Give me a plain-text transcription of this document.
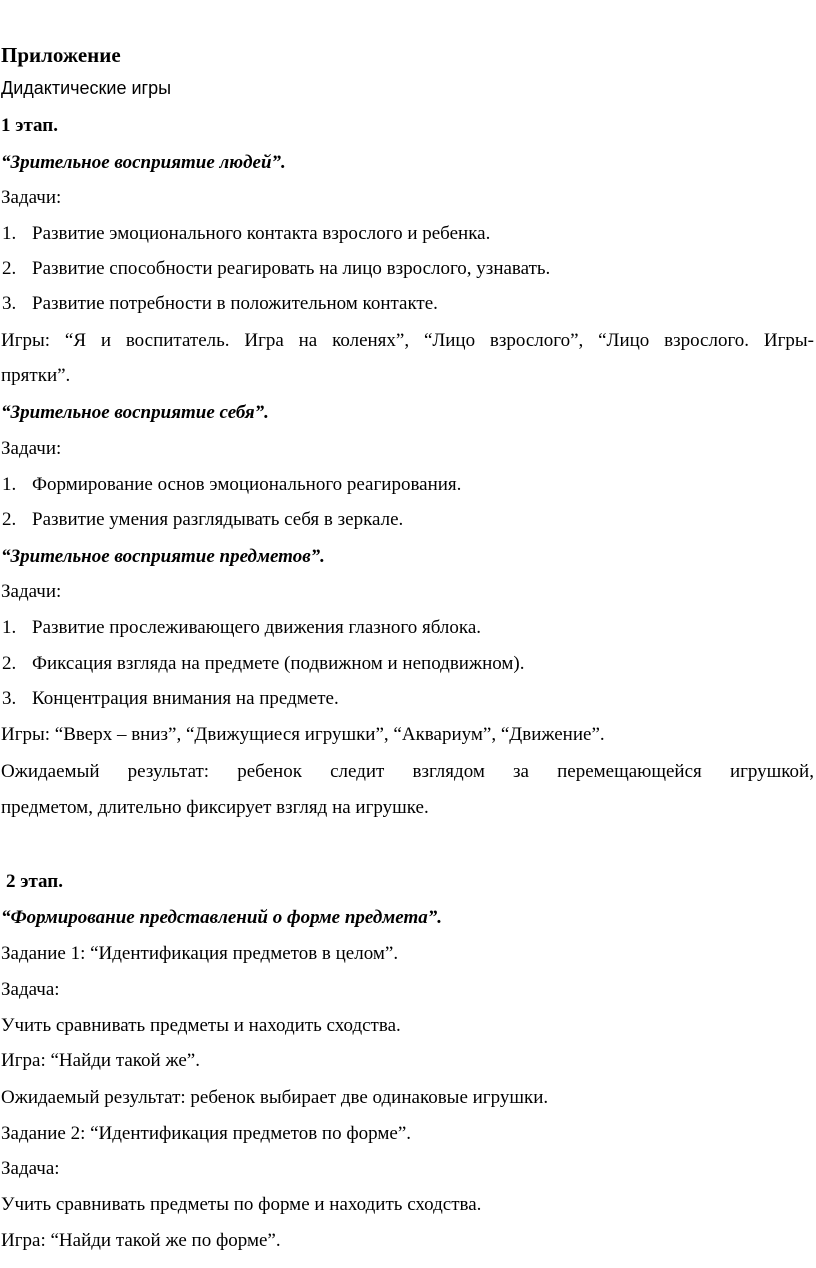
Приложение
Дидактические игры
1 этап.
“Зрительное восприятие людей”.
Задачи:
1. Развитие эмоционального контакта взрослого и ребенка.
2. Развитие способности реагировать на лицо взрослого, узнавать.
3. Развитие потребности в положительном контакте.
Игры: “Я и воспитатель. Игра на коленях”, “Лицо взрослого”, “Лицо взрослого. Игры-
прятки”.
“Зрительное восприятие себя”.
Задачи:
1. Формирование основ эмоционального реагирования.
2. Развитие умения разглядывать себя в зеркале.
“Зрительное восприятие предметов”.
Задачи:
1. Развитие прослеживающего движения глазного яблока.
2. Фиксация взгляда на предмете (подвижном и неподвижном).
3. Концентрация внимания на предмете.
Игры: “Вверх – вниз”, “Движущиеся игрушки”, “Аквариум”, “Движение”.
Ожидаемый результат: ребенок следит взглядом за перемещающейся игрушкой,
предметом, длительно фиксирует взгляд на игрушке.
2 этап.
“Формирование представлений о форме предмета”.
Задание 1: “Идентификация предметов в целом”.
Задача:
Учить сравнивать предметы и находить сходства.
Игра: “Найди такой же”.
Ожидаемый результат: ребенок выбирает две одинаковые игрушки.
Задание 2: “Идентификация предметов по форме”.
Задача:
Учить сравнивать предметы по форме и находить сходства.
Игра: “Найди такой же по форме”.
